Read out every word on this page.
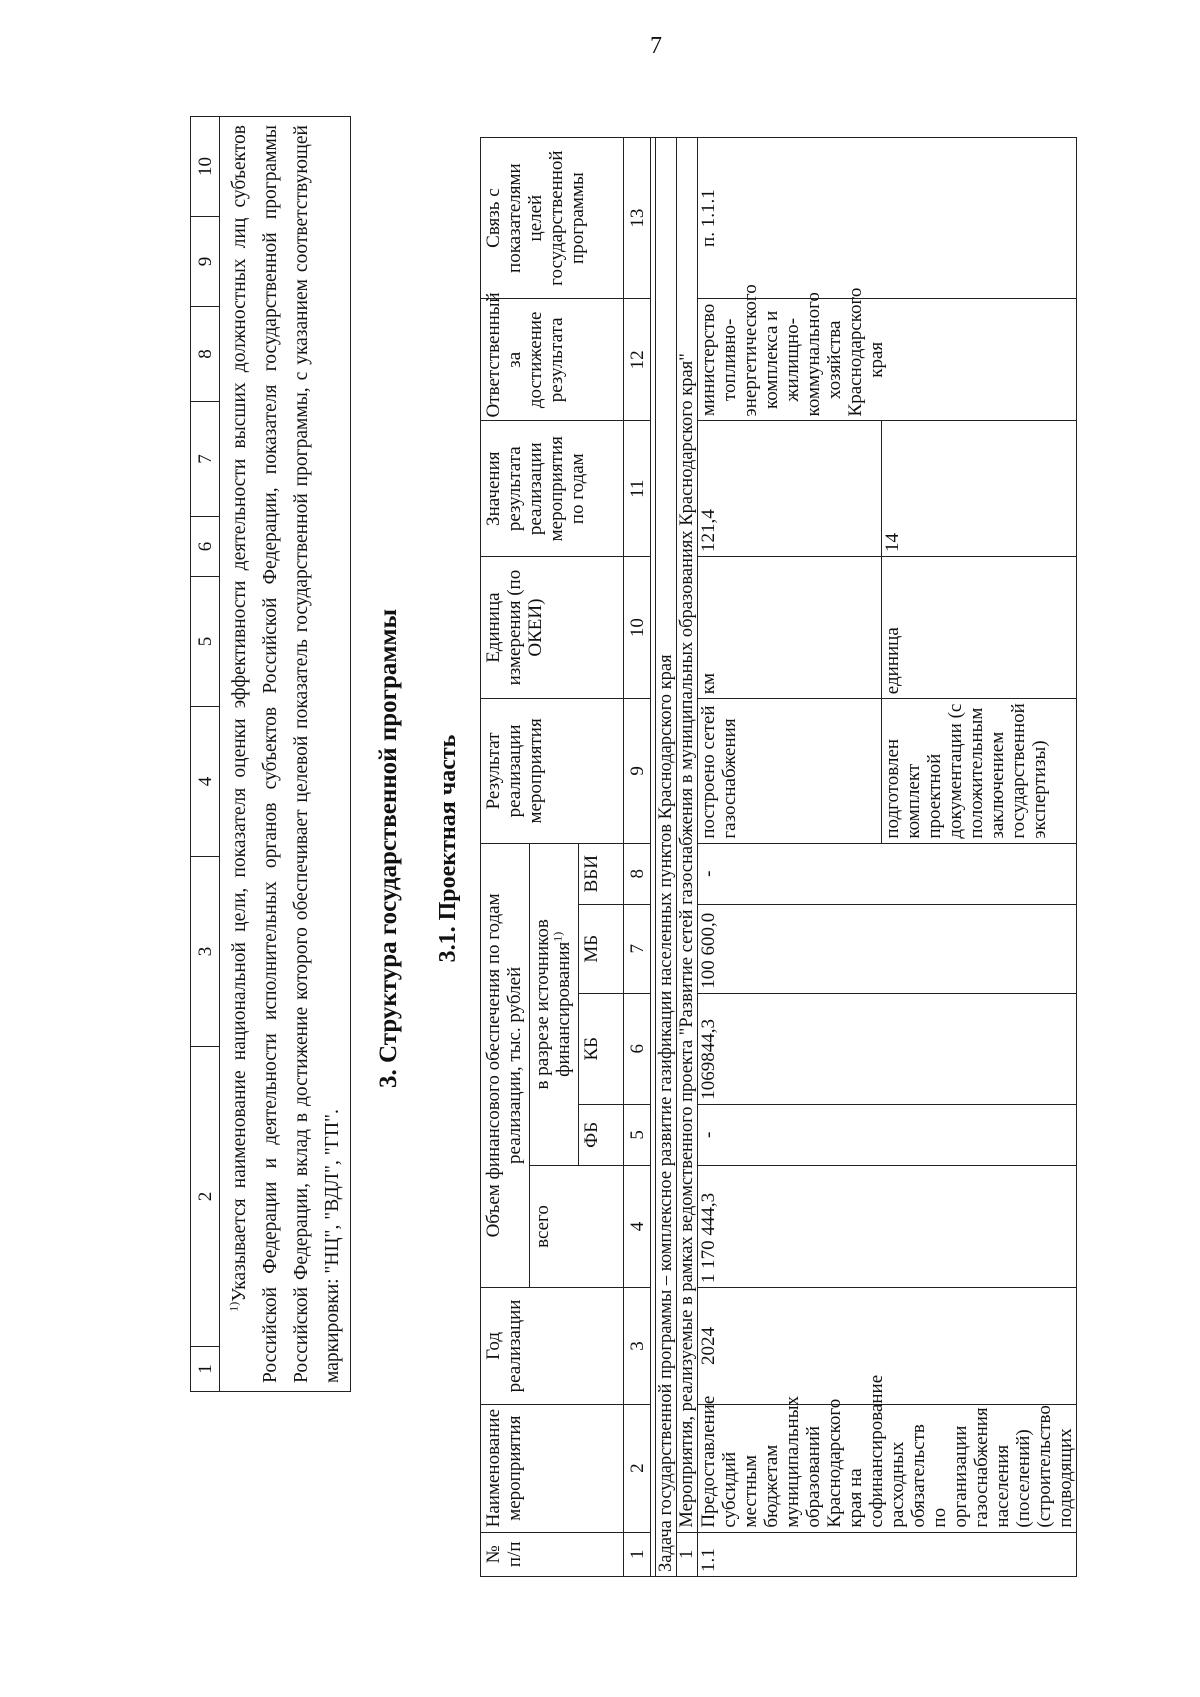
7
1	2	3	4	5	6	7	8	9	10
$^{1)}$Указывается наименование национальной цели, показателя оценки эффективности деятельности высших должностных лиц субъектов Российской Федерации и деятельности исполнительных органов субъектов Российской Федерации, показателя государственной программы Российской Федерации, вклад в достижение которого обеспечивает целевой показатель государственной программы, с указанием соответствующей маркировки: "НЦ", "ВДЛ", "ГП".
3. Структура государственной программы 3.1. Проектная часть
№ п/п	Наименование мероприятия	Год реализации	Объем финансового обеспечения по годам реализации, тыс. рублей					Результат реализации мероприятия	Единица измерения (по ОКЕИ)	Значения результата реализации мероприятия по годам	Ответственный за достижение результата	Связь с показателями целей государственной программы
			всего	в разрезе источников финансирования$^{1)}$
				ФБ	КБ	МБ	ВБИ					
1	2	3	4	5	6	7	8	9	10	11	12	13

Задача государственной программы – комплексное развитие газификации населенных пунктов Краснодарского края												
1	Мероприятия, реализуемые в рамках ведомственного проекта "Развитие сетей газоснабжения в муниципальных образованиях Краснодарского края"											
1.1	Предоставление субсидий местным бюджетам муниципальных образований Краснодарского края на софинансирование расходных обязательств по организации газоснабжения населения (поселений) (строительство подводящих	2024	1 170 444,3	-	1069844,3	100 600,0	-	построено сетей газоснабжения	км	121,4	министерство топливно-энергетического комплекса и жилищно-коммунального хозяйства Краснодарского края	п. 1.1.1
								подготовлен комплект проектной документации (с положительным заключением государственной экспертизы)	единица	14		
